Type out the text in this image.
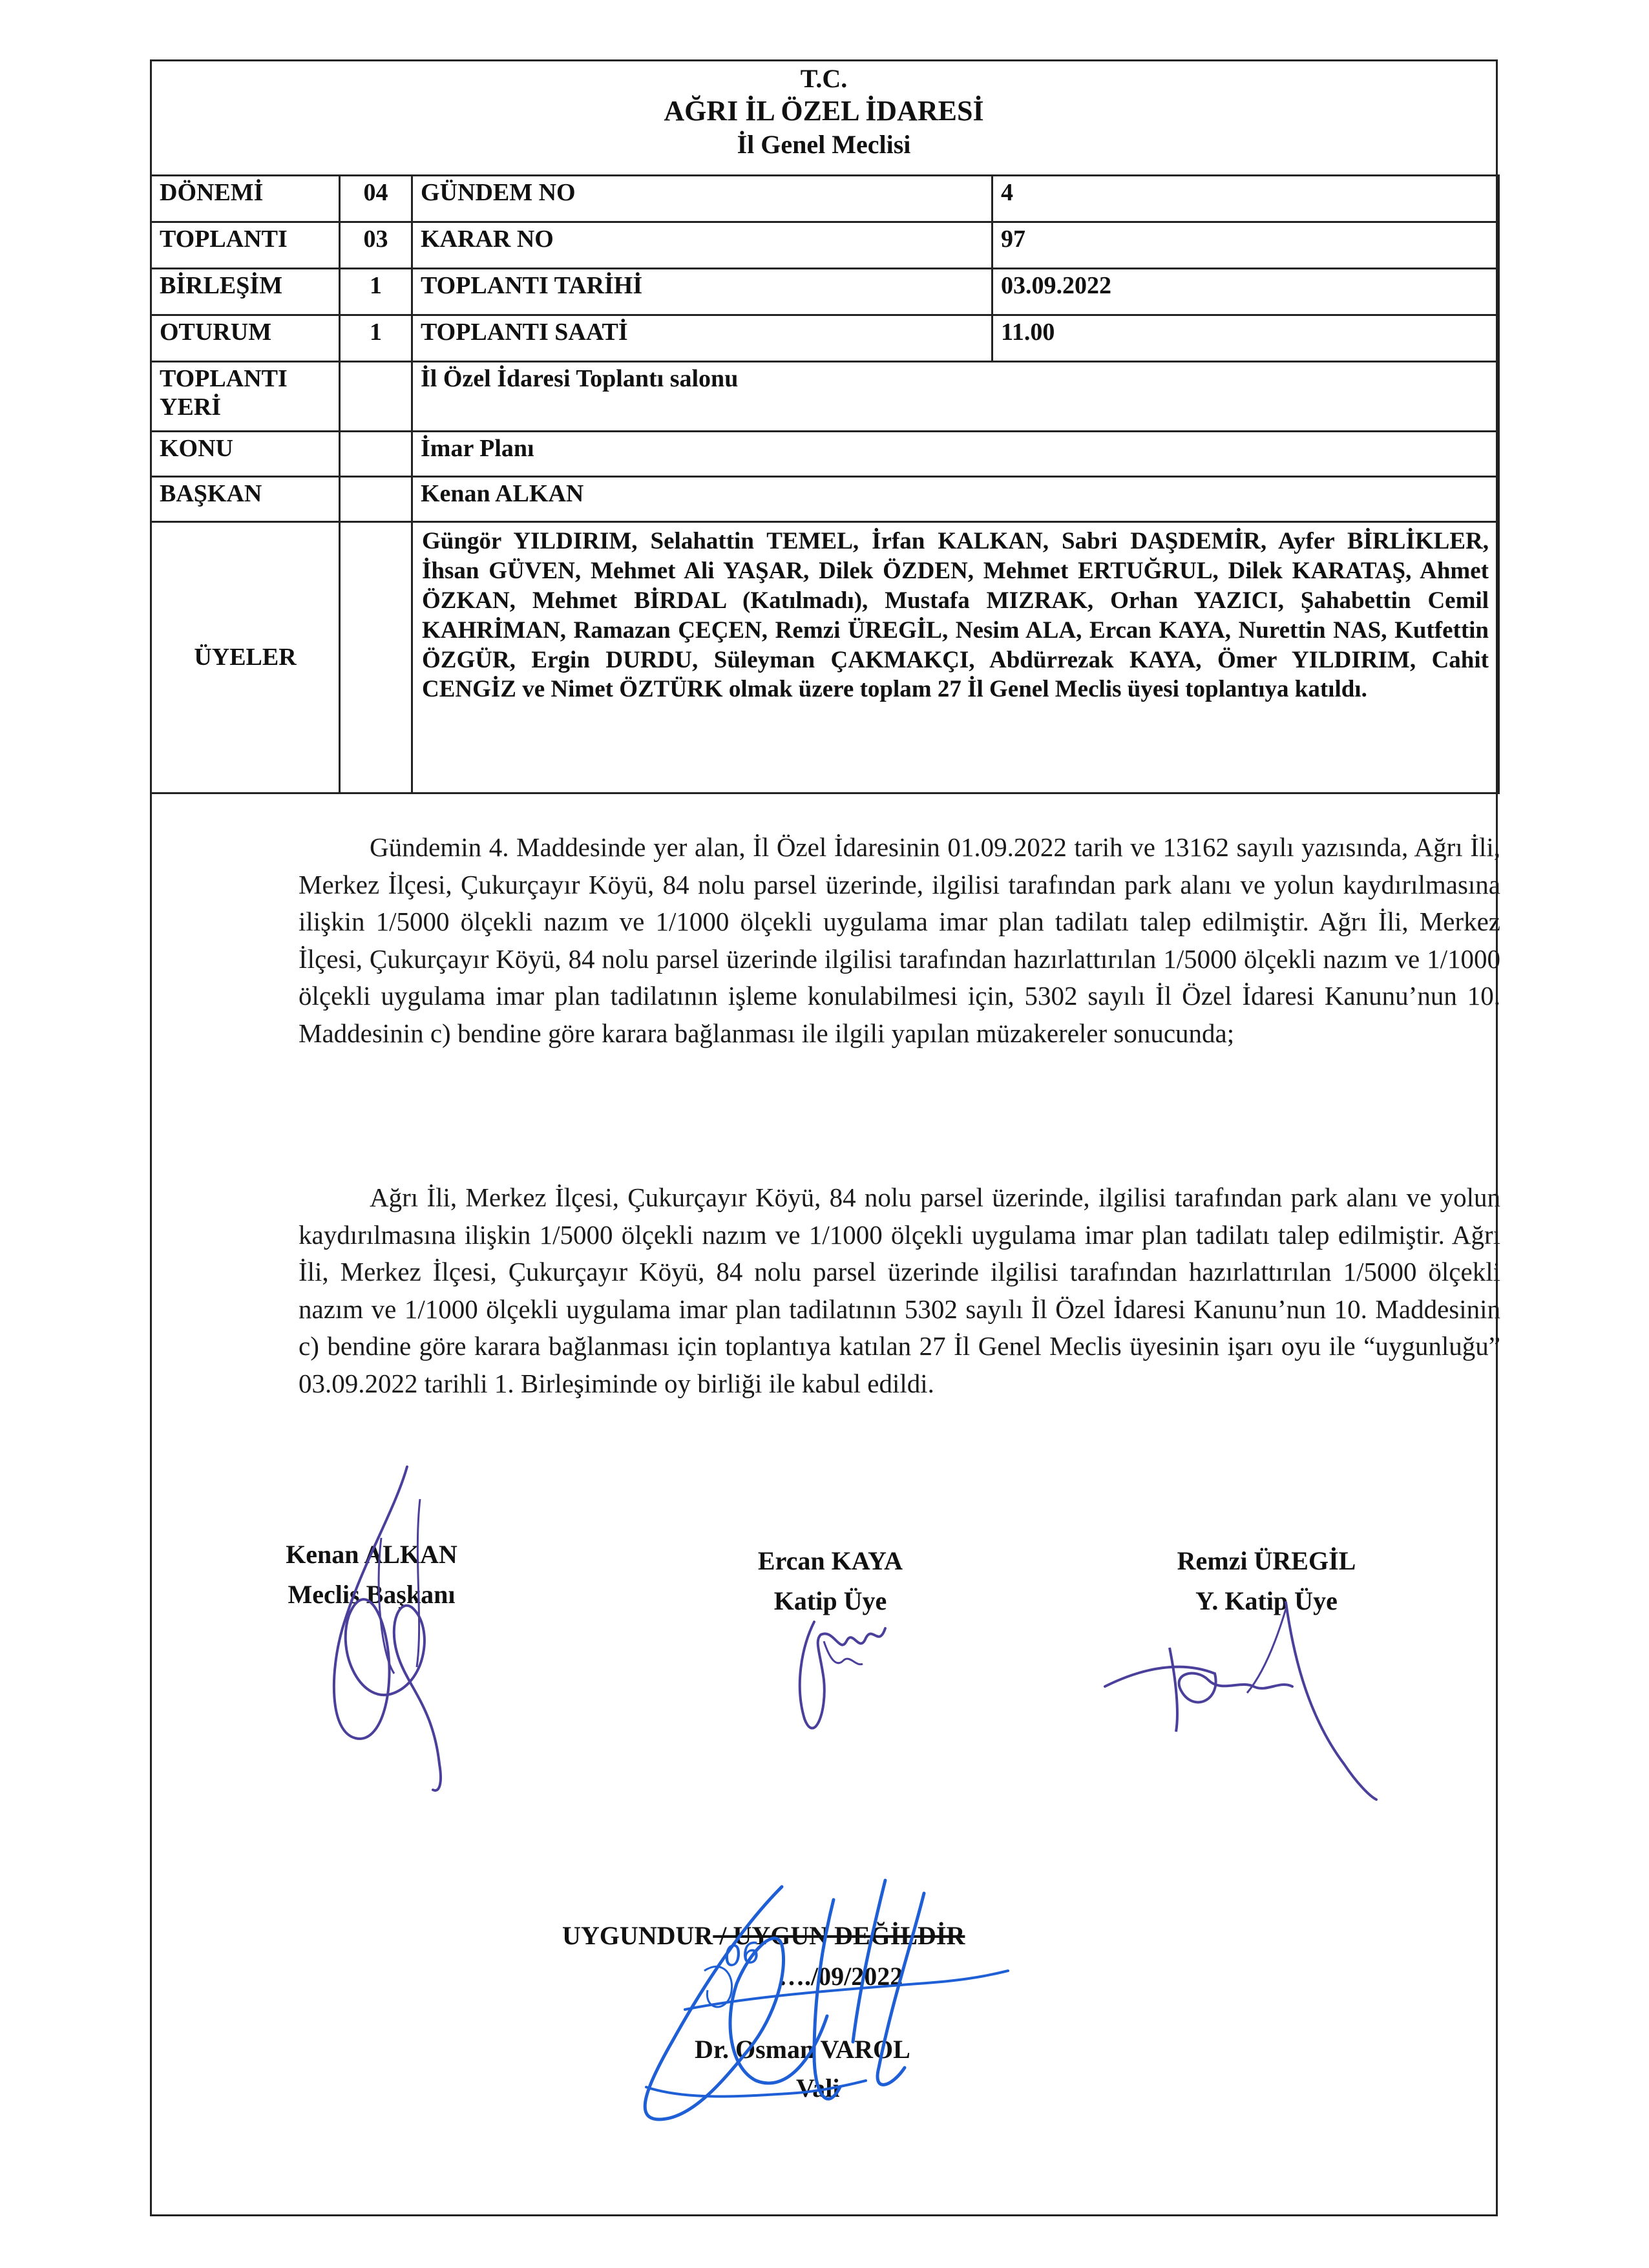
T.C.
AĞRI İL ÖZEL İDARESİ
İl Genel Meclisi
DÖNEMİ	04	GÜNDEM NO	4
TOPLANTI	03	KARAR NO	97
BİRLEŞİM	1	TOPLANTI TARİHİ	03.09.2022
OTURUM	1	TOPLANTI SAATİ	11.00
TOPLANTI YERİ		İl Özel İdaresi Toplantı salonu	
KONU		İmar Planı	
BAŞKAN		Kenan ALKAN	
ÜYELER		Güngör YILDIRIM, Selahattin TEMEL, İrfan KALKAN, Sabri DAŞDEMİR, Ayfer BİRLİKLER, İhsan GÜVEN, Mehmet Ali YAŞAR, Dilek ÖZDEN, Mehmet ERTUĞRUL, Dilek KARATAŞ, Ahmet ÖZKAN, Mehmet BİRDAL (Katılmadı), Mustafa MIZRAK, Orhan YAZICI, Şahabettin Cemil KAHRİMAN, Ramazan ÇEÇEN, Remzi ÜREGİL, Nesim ALA, Ercan KAYA, Nurettin NAS, Kutfettin ÖZGÜR, Ergin DURDU, Süleyman ÇAKMAKÇI, Abdürrezak KAYA, Ömer YILDIRIM, Cahit CENGİZ ve Nimet ÖZTÜRK olmak üzere toplam 27 İl Genel Meclis üyesi toplantıya katıldı.	

Gündemin 4. Maddesinde yer alan, İl Özel İdaresinin 01.09.2022 tarih ve 13162 sayılı yazısında, Ağrı İli, Merkez İlçesi, Çukurçayır Köyü, 84 nolu parsel üzerinde, ilgilisi tarafından park alanı ve yolun kaydırılmasına ilişkin 1/5000 ölçekli nazım ve 1/1000 ölçekli uygulama imar plan tadilatı talep edilmiştir. Ağrı İli, Merkez İlçesi, Çukurçayır Köyü, 84 nolu parsel üzerinde ilgilisi tarafından hazırlattırılan 1/5000 ölçekli nazım ve 1/1000 ölçekli uygulama imar plan tadilatının işleme konulabilmesi için, 5302 sayılı İl Özel İdaresi Kanunu’nun 10. Maddesinin c) bendine göre karara bağlanması ile ilgili yapılan müzakereler sonucunda;

Ağrı İli, Merkez İlçesi, Çukurçayır Köyü, 84 nolu parsel üzerinde, ilgilisi tarafından park alanı ve yolun kaydırılmasına ilişkin 1/5000 ölçekli nazım ve 1/1000 ölçekli uygulama imar plan tadilatı talep edilmiştir. Ağrı İli, Merkez İlçesi, Çukurçayır Köyü, 84 nolu parsel üzerinde ilgilisi tarafından hazırlattırılan 1/5000 ölçekli nazım ve 1/1000 ölçekli uygulama imar plan tadilatının 5302 sayılı İl Özel İdaresi Kanunu’nun 10. Maddesinin c) bendine göre karara bağlanması için toplantıya katılan 27 İl Genel Meclis üyesinin işarı oyu ile “uygunluğu” 03.09.2022 tarihli 1. Birleşiminde oy birliği ile kabul edildi.

Kenan ALKAN
Meclis Başkanı
Ercan KAYA
Katip Üye
Remzi ÜREGİL
Y. Katip Üye
UYGUNDUR / UYGUN DEĞİLDİR
…./09/2022
Dr. Osman VAROL
Vali
06
